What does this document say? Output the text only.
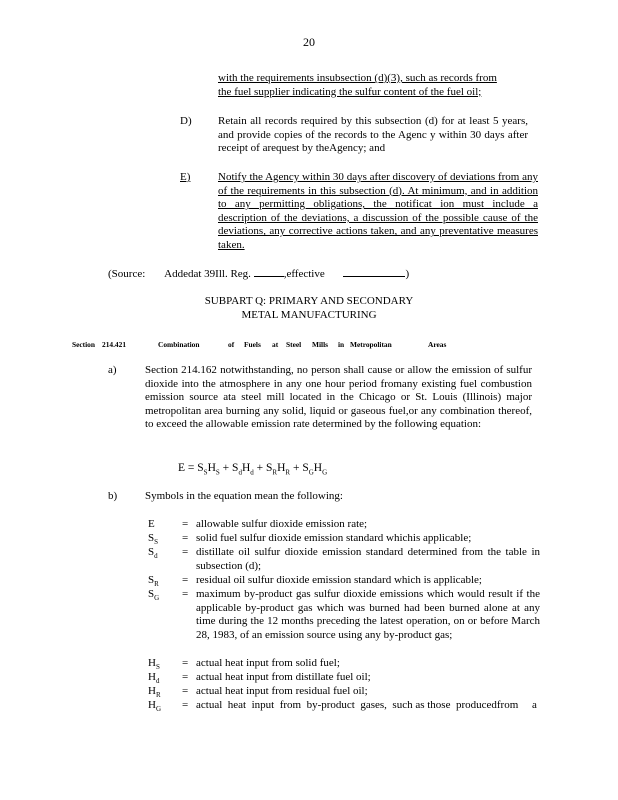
20
with the requirements insubsection (d)(3), such as records from
the fuel supplier indicating the sulfur content of the fuel oil;
D) Retain all records required by this subsection (d) for at least 5 years, and provide copies of the records to the Agenc y within 30 days after receipt of arequest by theAgency; and
E)	Notify the Agency within 30 days after discovery of deviations from any of the requirements in this subsection (d). At minimum, and in addition to any permitting obligations, the notificat ion must include a description of the deviations, a discussion of the possible cause of the deviations, any corrective actions taken, and any preventative measures taken.
(Source: Addedat 39Ill. Reg.	,effective	)
SUBPART Q: PRIMARY AND SECONDARY
METAL MANUFACTURING
Section 214.421	Combination	of Fuels at Steel Mills in Metropolitan	Areas
a)	Section 214.162 notwithstanding, no person shall cause or allow the emission of sulfur dioxide into the atmosphere in any one hour period fromany existing fuel combustion emission source ata steel mill located in the Chicago or St. Louis (Illinois) major metropolitan area burning any solid, liquid or gaseous fuel,or any combination thereof, to exceed the allowable emission rate determined by the following equation:
$E = S_SH_S + S_dH_d + S_RH_R + S_GH_G$
b)	Symbols in the equation mean the following:
E = allowable sulfur dioxide emission rate;
$S_S$ = solid fuel sulfur dioxide emission standard whichis applicable;
$S_d$ = distillate oil sulfur dioxide emission standard determined from the table in subsection (d);
$S_R$ = residual oil sulfur dioxide emission standard which is applicable;
$S_G$ = maximum by-product gas sulfur dioxide emissions which would result if the applicable by-product gas which was burned had been burned alone at any time during the 12 months preceding the latest operation, on or before March 28, 1983, of an emission source using any by-product gas;
$H_S$ = actual heat input from solid fuel;
$H_d$ = actual heat input from distillate fuel oil;
$H_R$ = actual heat input from residual fuel oil;
$H_G$ = actual  heat  input  from  by-product  gases,  such as those  producedfrom     a
